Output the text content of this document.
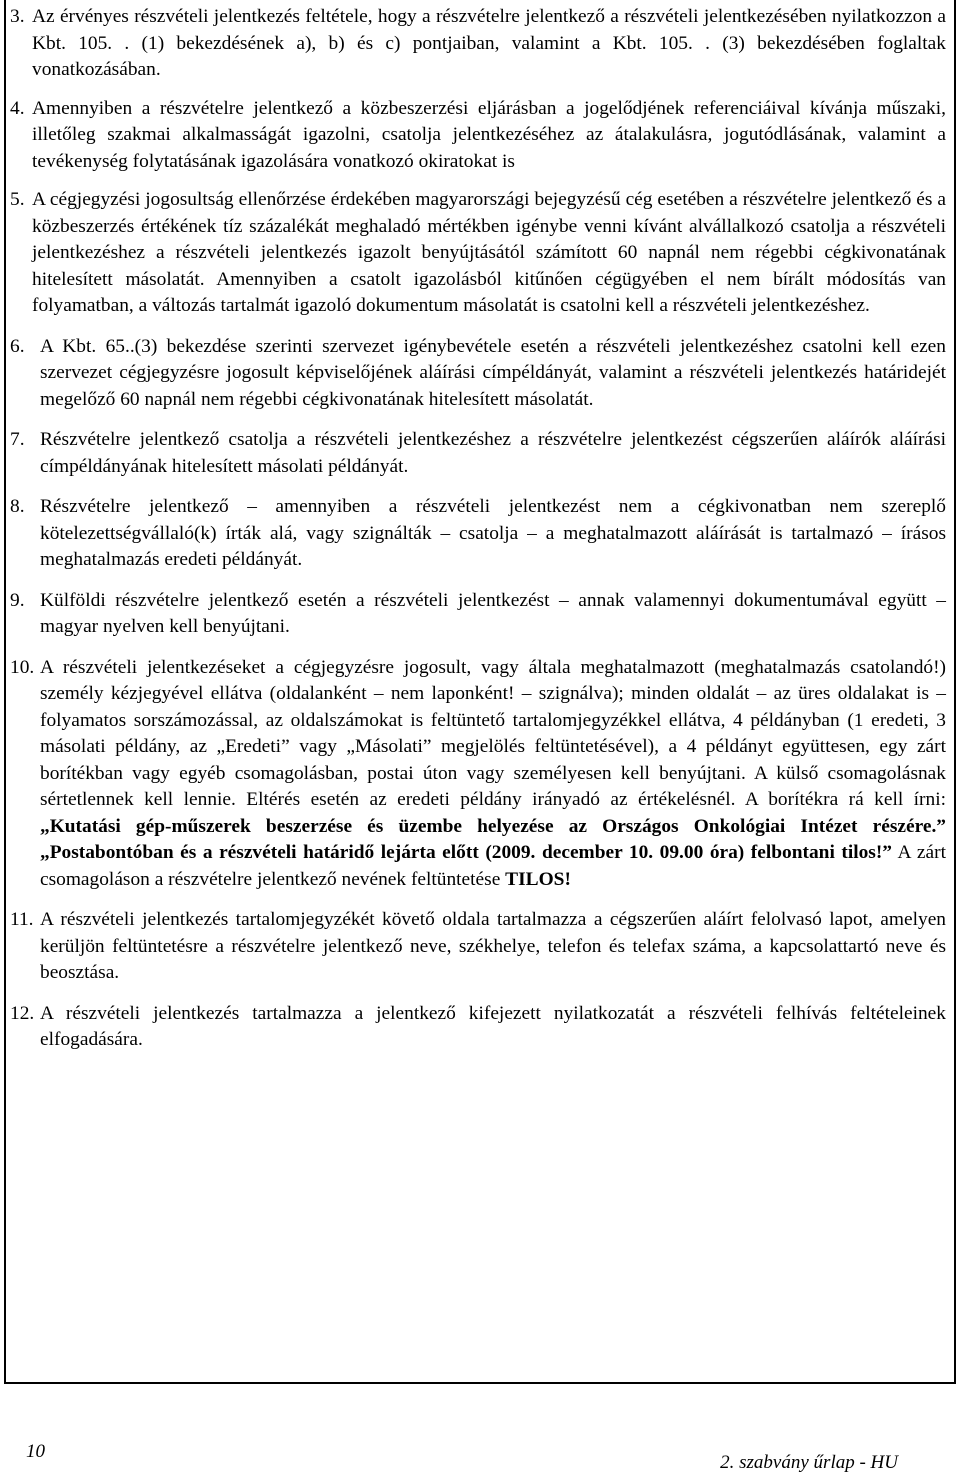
3. Az érvényes részvételi jelentkezés feltétele, hogy a részvételre jelentkező a részvételi jelentkezésében nyilatkozzon a Kbt. 105. . (1) bekezdésének a), b) és c) pontjaiban, valamint a Kbt. 105. . (3) bekezdésében foglaltak vonatkozásában.

4. Amennyiben a részvételre jelentkező a közbeszerzési eljárásban a jogelődjének referenciáival kívánja műszaki, illetőleg szakmai alkalmasságát igazolni, csatolja jelentkezéséhez az átalakulásra, jogutódlásának, valamint a tevékenység folytatásának igazolására vonatkozó okiratokat is

5. A cégjegyzési jogosultság ellenőrzése érdekében magyarországi bejegyzésű cég esetében a részvételre jelentkező és a közbeszerzés értékének tíz százalékát meghaladó mértékben igénybe venni kívánt alvállalkozó csatolja a részvételi jelentkezéshez a részvételi jelentkezés igazolt benyújtásától számított 60 napnál nem régebbi cégkivonatának hitelesített másolatát. Amennyiben a csatolt igazolásból kitűnően cégügyében el nem bírált módosítás van folyamatban, a változás tartalmát igazoló dokumentum másolatát is csatolni kell a részvételi jelentkezéshez.

6. A Kbt. 65..(3) bekezdése szerinti szervezet igénybevétele esetén a részvételi jelentkezéshez csatolni kell ezen szervezet cégjegyzésre jogosult képviselőjének aláírási címpéldányát, valamint a részvételi jelentkezés határidejét megelőző 60 napnál nem régebbi cégkivonatának hitelesített másolatát.

7. Részvételre jelentkező csatolja a részvételi jelentkezéshez a részvételre jelentkezést cégszerűen aláírók aláírási címpéldányának hitelesített másolati példányát.

8. Részvételre jelentkező – amennyiben a részvételi jelentkezést nem a cégkivonatban nem szereplő kötelezettségvállaló(k) írták alá, vagy szignálták – csatolja – a meghatalmazott aláírását is tartalmazó – írásos meghatalmazás eredeti példányát.

9. Külföldi részvételre jelentkező esetén a részvételi jelentkezést – annak valamennyi dokumentumával együtt – magyar nyelven kell benyújtani.

10. A részvételi jelentkezéseket a cégjegyzésre jogosult, vagy általa meghatalmazott (meghatalmazás csatolandó!) személy kézjegyével ellátva (oldalanként – nem laponként! – szignálva); minden oldalát – az üres oldalakat is – folyamatos sorszámozással, az oldalszámokat is feltüntető tartalomjegyzékkel ellátva, 4 példányban (1 eredeti, 3 másolati példány, az „Eredeti” vagy „Másolati” megjelölés feltüntetésével), a 4 példányt együttesen, egy zárt borítékban vagy egyéb csomagolásban, postai úton vagy személyesen kell benyújtani. A külső csomagolásnak sértetlennek kell lennie. Eltérés esetén az eredeti példány irányadó az értékelésnél. A borítékra rá kell írni: „Kutatási gép-műszerek beszerzése és üzembe helyezése az Országos Onkológiai Intézet részére.” „Postabontóban és a részvételi határidő lejárta előtt (2009. december 10. 09.00 óra) felbontani tilos!” A zárt csomagoláson a részvételre jelentkező nevének feltüntetése TILOS!

11. A részvételi jelentkezés tartalomjegyzékét követő oldala tartalmazza a cégszerűen aláírt felolvasó lapot, amelyen kerüljön feltüntetésre a részvételre jelentkező neve, székhelye, telefon és telefax száma, a kapcsolattartó neve és beosztása.

12. A részvételi jelentkezés tartalmazza a jelentkező kifejezett nyilatkozatát a részvételi felhívás feltételeinek elfogadására.

10
2. szabvány űrlap - HU
